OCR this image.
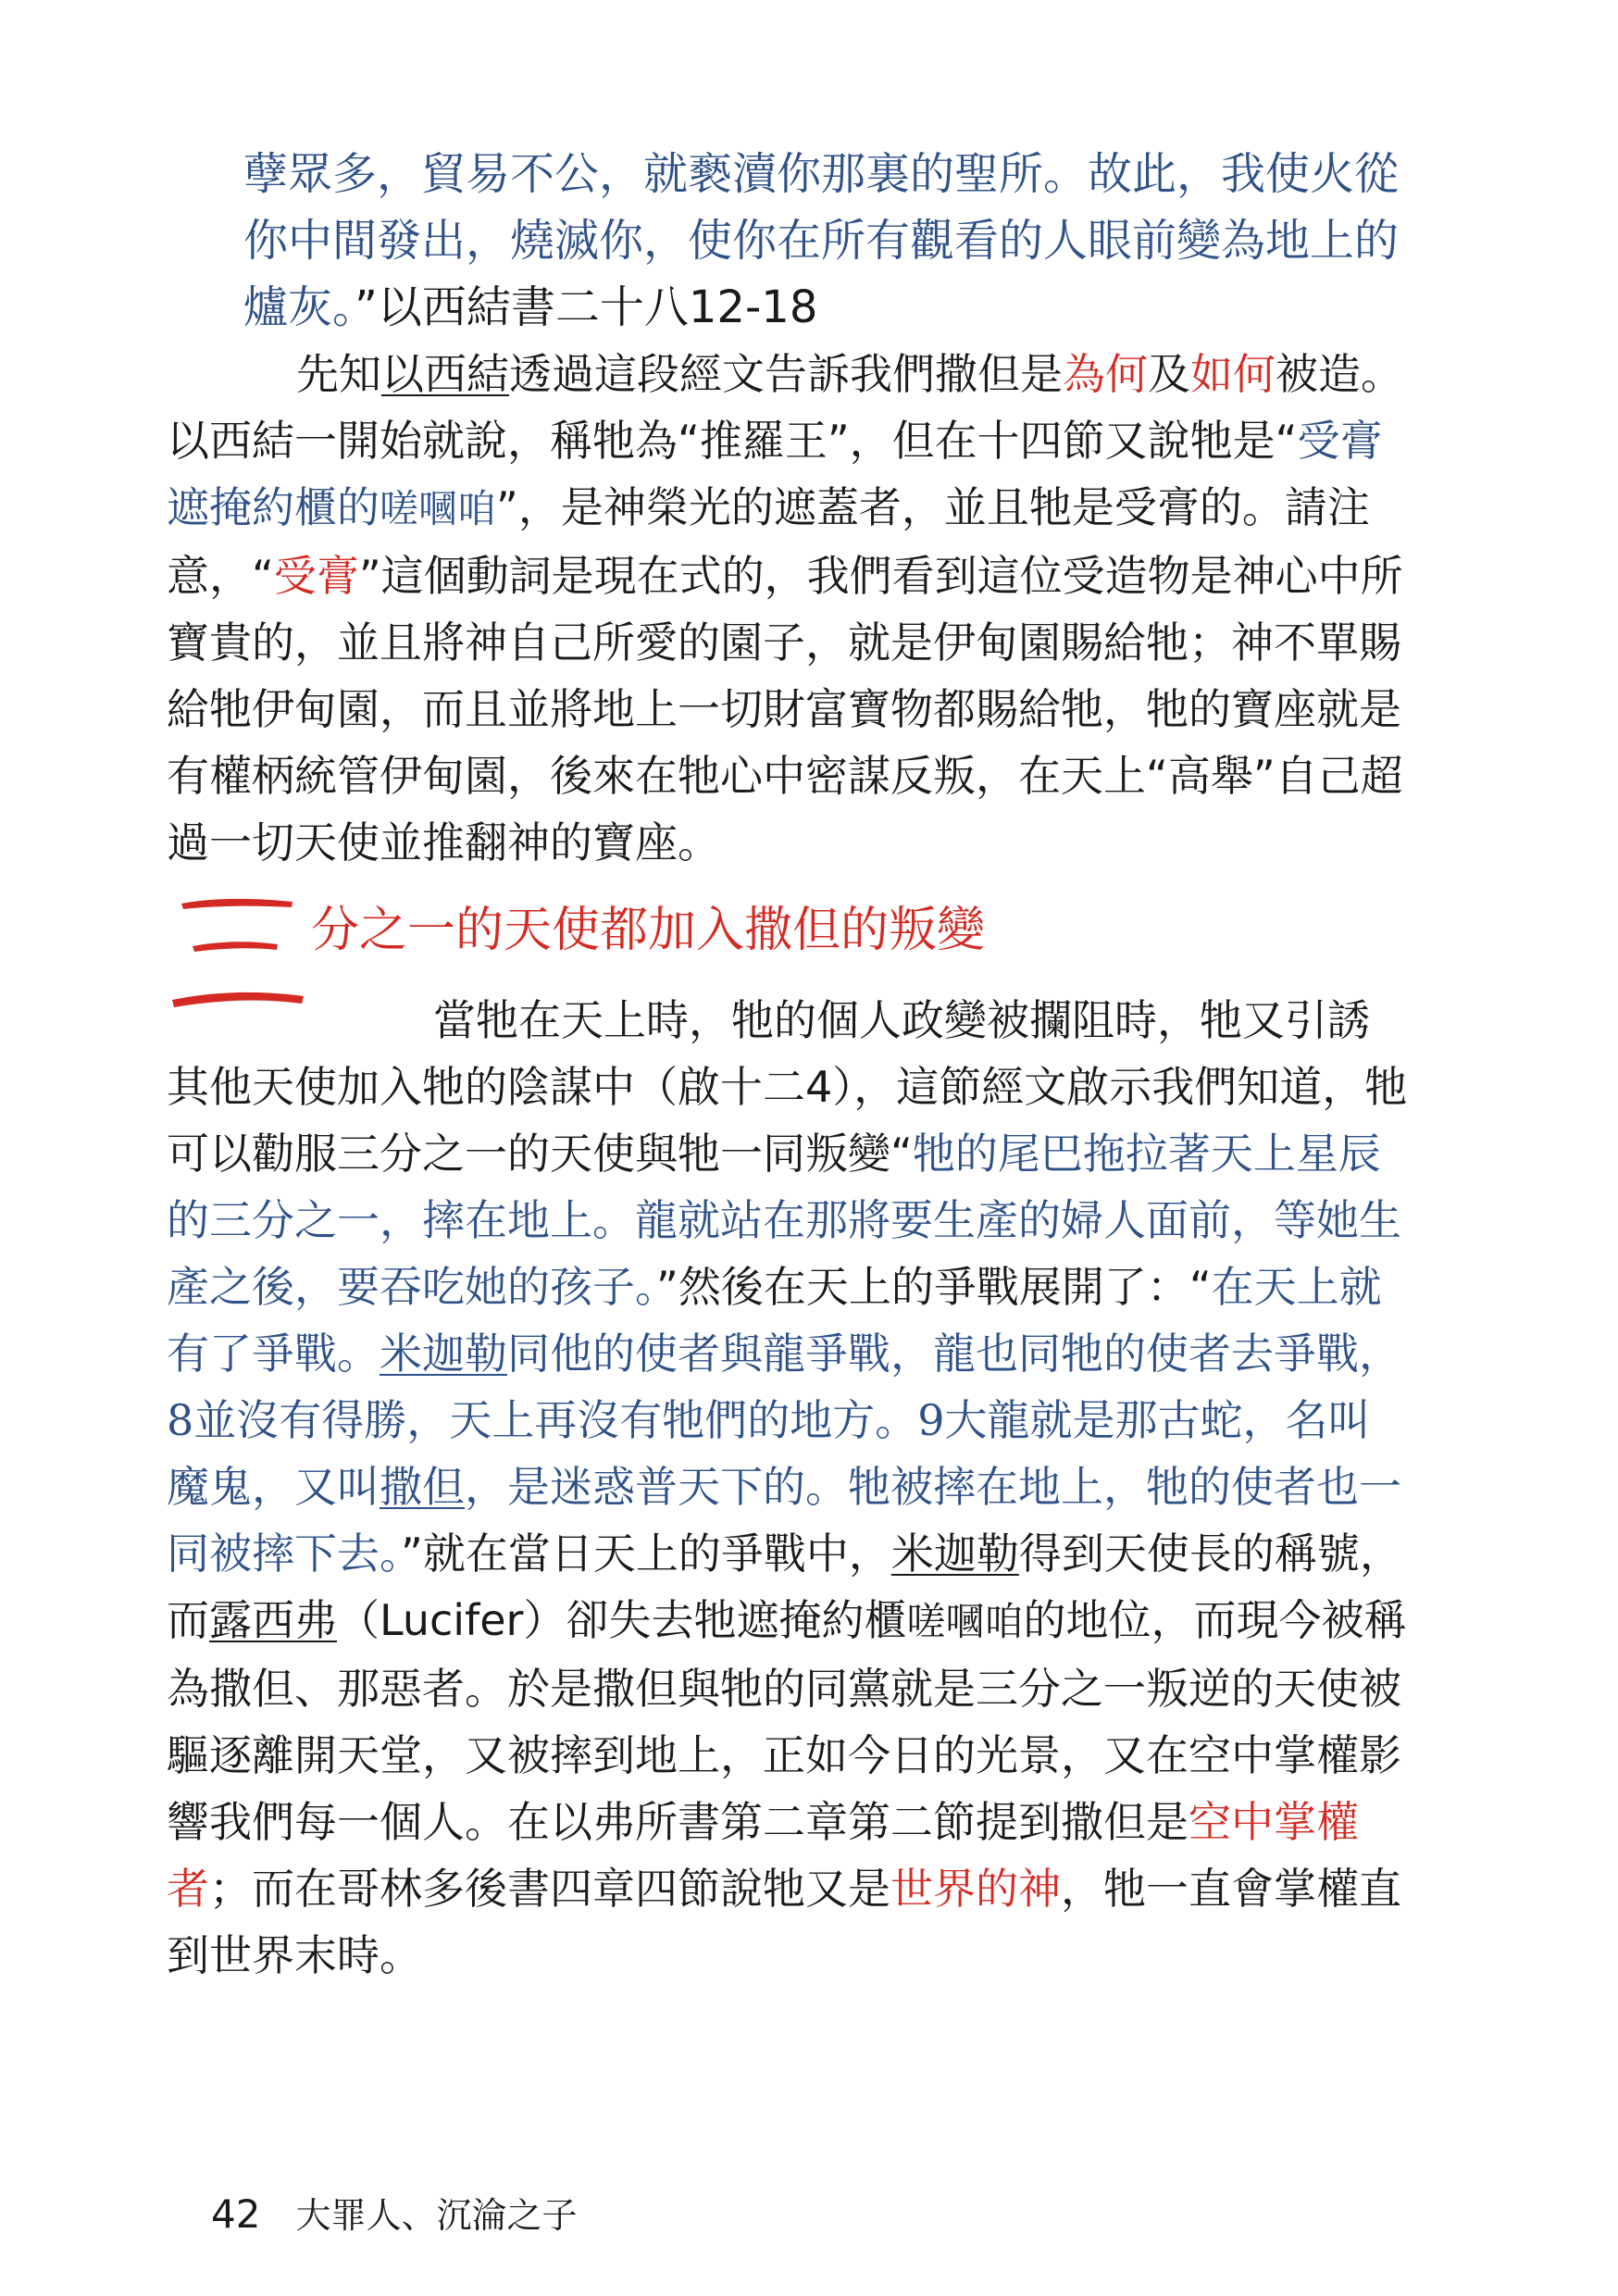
孽眾多，貿易不公，就褻瀆你那裏的聖所。故此，我使火從你中間發出，燒滅你，使你在所有觀看的人眼前變為地上的爐灰。”以西結書二十八12-18

先知以西結透過這段經文告訴我們撒但是為何及如何被造。以西結一開始就說，稱牠為“推羅王”，但在十四節又說牠是“受膏遮掩約櫃的嗟嘓咱”，是神榮光的遮蓋者，並且牠是受膏的。請注意，“受膏”這個動詞是現在式的，我們看到這位受造物是神心中所寶貴的，並且將神自己所愛的園子，就是伊甸園賜給牠；神不單賜給牠伊甸園，而且並將地上一切財富寶物都賜給牠，牠的寶座就是有權柄統管伊甸園，後來在牠心中密謀反叛，在天上“高舉”自己超過一切天使並推翻神的寶座。

三
分之一的天使都加入撒但的叛變

當牠在天上時，牠的個人政變被攔阻時，牠又引誘其他天使加入牠的陰謀中（啟十二4），這節經文啟示我們知道，牠可以勸服三分之一的天使與牠一同叛變“牠的尾巴拖拉著天上星辰的三分之一，摔在地上。龍就站在那將要生產的婦人面前，等她生產之後，要吞吃她的孩子。”然後在天上的爭戰展開了：“在天上就有了爭戰。米迦勒同他的使者與龍爭戰，龍也同牠的使者去爭戰，8並沒有得勝，天上再沒有牠們的地方。9大龍就是那古蛇，名叫魔鬼，又叫撒但，是迷惑普天下的。牠被摔在地上，牠的使者也一同被摔下去。”就在當日天上的爭戰中，米迦勒得到天使長的稱號，而露西弗（Lucifer）卻失去牠遮掩約櫃嗟嘓咱的地位，而現今被稱為撒但、那惡者。於是撒但與牠的同黨就是三分之一叛逆的天使被驅逐離開天堂，又被摔到地上，正如今日的光景，又在空中掌權影響我們每一個人。在以弗所書第二章第二節提到撒但是空中掌權者；而在哥林多後書四章四節說牠又是世界的神，牠一直會掌權直到世界末時。

42 大罪人、沉淪之子
